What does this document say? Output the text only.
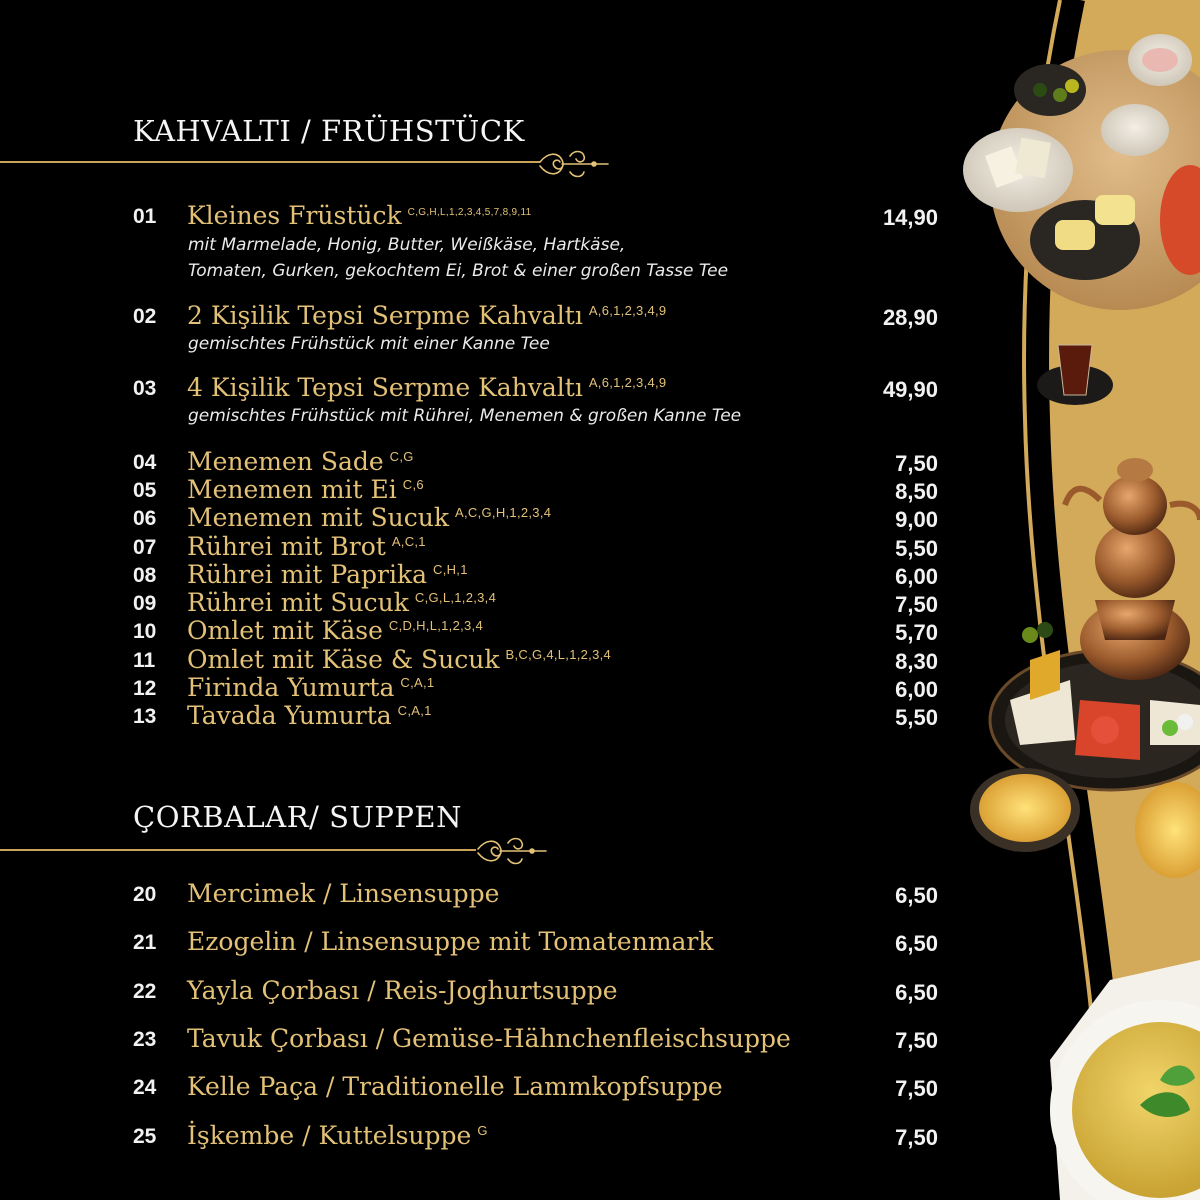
KAHVALTI / FRÜHSTÜCK
01	Kleines Früstück $^{C,G,H,L,1,2,3,4,5,7,8,9,11}$	14,90
mit Marmelade, Honig, Butter, Weißkäse, Hartkäse,
Tomaten, Gurken, gekochtem Ei, Brot & einer großen Tasse Tee
02	2 Kişilik Tepsi Serpme Kahvaltı $^{A,6,1,2,3,4,9}$	28,90
gemischtes Frühstück mit einer Kanne Tee
03	4 Kişilik Tepsi Serpme Kahvaltı $^{A,6,1,2,3,4,9}$	49,90
gemischtes Frühstück mit Rührei, Menemen & großen Kanne Tee
04	Menemen Sade $^{C,G}$	7,50
05	Menemen mit Ei $^{C,6}$	8,50
06	Menemen mit Sucuk $^{A,C,G,H,1,2,3,4}$	9,00
07	Rührei mit Brot $^{A,C,1}$	5,50
08	Rührei mit Paprika $^{C,H,1}$	6,00
09	Rührei mit Sucuk $^{C,G,L,1,2,3,4}$	7,50
10	Omlet mit Käse $^{C,D,H,L,1,2,3,4}$	5,70
11	Omlet mit Käse & Sucuk $^{B,C,G,4,L,1,2,3,4}$	8,30
12	Firinda Yumurta $^{C,A,1}$	6,00
13	Tavada Yumurta $^{C,A,1}$	5,50
ÇORBALAR/ SUPPEN
20	Mercimek / Linsensuppe	6,50
21	Ezogelin / Linsensuppe mit Tomatenmark	6,50
22	Yayla Çorbası / Reis-Joghurtsuppe	6,50
23	Tavuk Çorbası / Gemüse-Hähnchenfleischsuppe	7,50
24	Kelle Paça / Traditionelle Lammkopfsuppe	7,50
25	İşkembe / Kuttelsuppe $^G$	7,50
